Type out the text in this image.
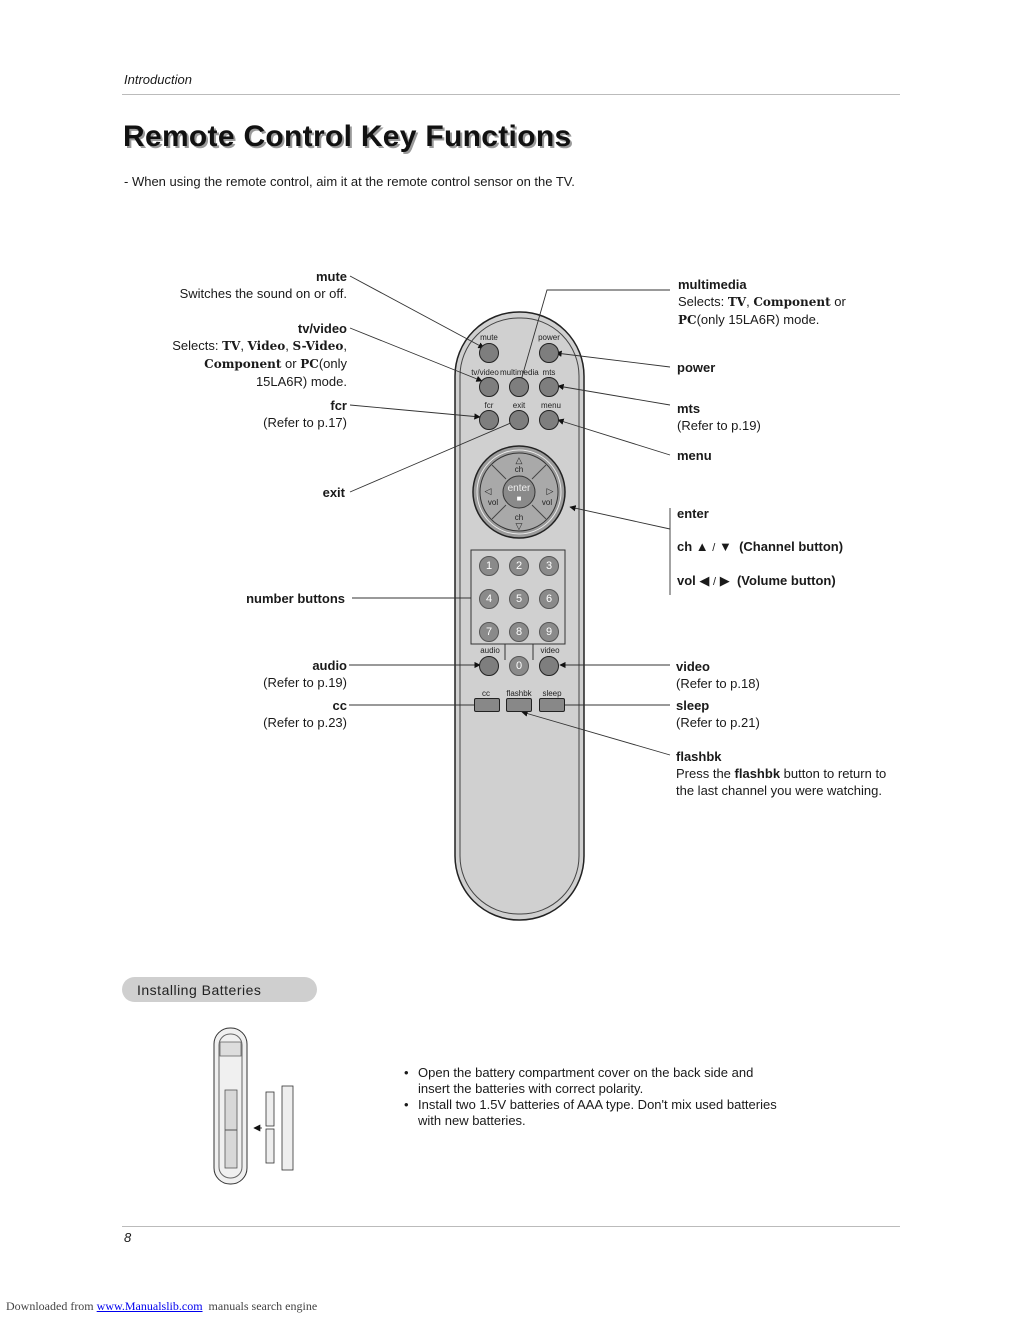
Introduction
Remote Control Key Functions
- When using the remote control, aim it at the remote control sensor on the TV.
mute	power
tv/video multimedia mts
fcr	exit	menu
△
ch
◁
vol
▷
vol
enter
■
ch
▽
1	2	3
4	5	6
7	8	9
audio	video
0
cc	flashbk	sleep
mute
Switches the sound on or off.
tv/video
Selects: TV, Video, S-Video,
Component or PC(only
15LA6R) mode.
fcr
(Refer to p.17)
exit
number buttons
audio
(Refer to p.19)
cc
(Refer to p.23)
multimedia
Selects: TV, Component or
PC(only 15LA6R) mode.
power
mts
(Refer to p.19)
menu
enter
ch ▲ / ▼ (Channel button)
vol ◀ / ▶ (Volume button)
video
(Refer to p.18)
sleep
(Refer to p.21)
flashbk
Press the flashbk button to return to
the last channel you were watching.
Installing Batteries
• Open the battery compartment cover on the back side and
insert the batteries with correct polarity.
• Install two 1.5V batteries of AAA type. Don't mix used batteries
with new batteries.
8
Downloaded from www.Manualslib.com  manuals search engine
